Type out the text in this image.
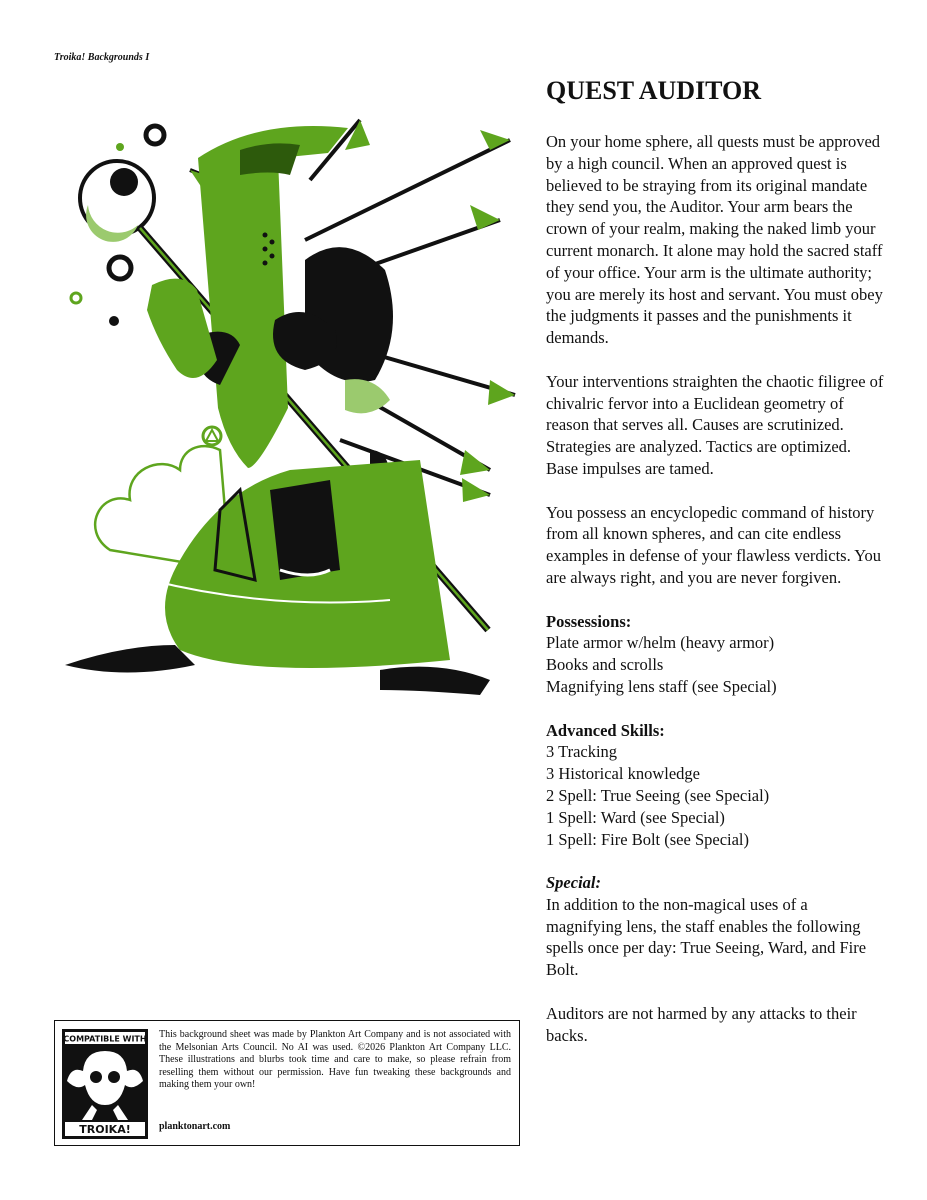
Troika! Backgrounds I
QUEST AUDITOR

On your home sphere, all quests must be approved by a high council. When an approved quest is believed to be straying from its original mandate they send you, the Auditor. Your arm bears the crown of your realm, making the naked limb your current monarch. It alone may hold the sacred staff of your office. Your arm is the ultimate authority; you are merely its host and servant. You must obey the judgments it passes and the punishments it demands.

Your interventions straighten the chaotic filigree of chivalric fervor into a Euclidean geometry of reason that serves all. Causes are scrutinized. Strategies are analyzed. Tactics are optimized. Base impulses are tamed.

You possess an encyclopedic command of history from all known spheres, and can cite endless examples in defense of your flawless verdicts. You are always right, and you are never forgiven.

Possessions:
Plate armor w/helm (heavy armor)
Books and scrolls
Magnifying lens staff (see Special)
Advanced Skills:
3 Tracking
3 Historical knowledge
2 Spell: True Seeing (see Special)
1 Spell: Ward (see Special)
1 Spell: Fire Bolt (see Special)
Special:

In addition to the non-magical uses of a magnifying lens, the staff enables the following spells once per day: True Seeing, Ward, and Fire Bolt.

Auditors are not harmed by any attacks to their backs.

COMPATIBLE WITH
TROIKA!
This background sheet was made by Plankton Art Company and is not associated with the Melsonian Arts Council. No AI was used. ©2026 Plankton Art Company LLC. These illustrations and blurbs took time and care to make, so please refrain from reselling them without our permission. Have fun tweaking these backgrounds and making them your own!
planktonart.com
